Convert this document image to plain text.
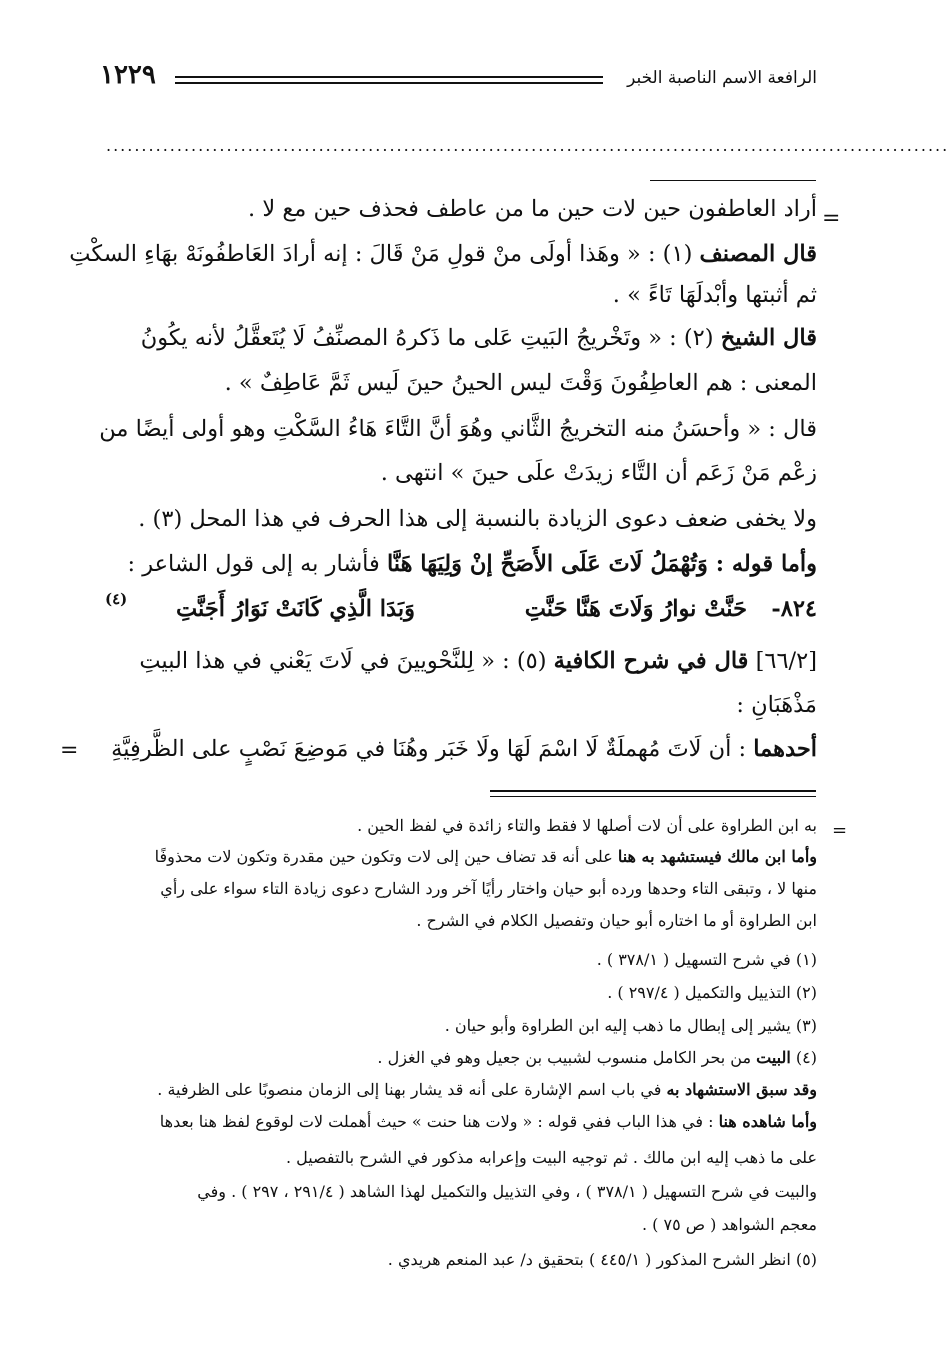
الرافعة الاسم الناصبة الخبر
١٢٢٩
.......................................................................................................................
=
أراد العاطفون حين لات حين ما من عاطف فحذف حين مع لا .
قال المصنف (١) : « وهَذا أولَى منْ قولِ مَنْ قَالَ : إنه أرادَ العَاطفُونَهْ بهَاءِ السكْتِ
ثم أثبتها وأبْدلَهَا تَاءً » .
قال الشيخ (٢) : « وتَخْريجُ البَيتِ عَلى ما ذَكرهُ المصنِّفُ لَا يُتَعقَّلُ لأنه يكُونُ
المعنى : هم العاطِفُونَ وَقْتَ ليس الحينُ حينَ لَيس ثَمَّ عَاطِفٌ » .
قال : « وأحسَنُ منه التخريجُ الثَّاني وهُوَ أنَّ التَّاءَ هَاءُ السَّكْتِ وهو أولى أيضًا من
زعْم مَنْ زَعَم أن التَّاء زيدَتْ علَى حينَ » انتهى .
ولا يخفى ضعف دعوى الزيادة بالنسبة إلى هذا الحرف في هذا المحل (٣) .
وأما قوله : وَتُهْمَلُ لَاتَ عَلَى الأَصَحِّ إنْ وَلِيَهَا هَنَّا فأشار به إلى قول الشاعر :
٨٢٤-
حَنَّتْ نوارُ وَلَاتَ هَنَّا حَنَّتِ
وَبَدَا الَّذِي كَانَتْ نَوَارُ أَجَنَّتِ
(٤)
[٦٦/٢] قال في شرح الكافية (٥) : « لِلنَّحْويينَ في لَاتَ يَعْني في هذا البيتِ
مَذْهَبَانِ :
أحدهما : أن لَاتَ مُهملَةٌ لَا اسْمَ لَهَا ولَا خَبَر وهُنَا في مَوضِعَ نَصْبٍ على الظَّرفِيَّةِ
=
=
به ابن الطراوة على أن لات أصلها لا فقط والتاء زائدة في لفظ الحين .
وأما ابن مالك فيستشهد به هنا على أنه قد تضاف حين إلى لات وتكون حين مقدرة وتكون لات محذوفًا
منها لا ، وتبقى التاء وحدها ورده أبو حيان واختار رأيًا آخر ورد الشارح دعوى زيادة التاء سواء على رأي
ابن الطراوة أو ما اختاره أبو حيان وتفصيل الكلام في الشرح .
(١) في شرح التسهيل ( ٣٧٨/١ ) .
(٢) التذييل والتكميل ( ٢٩٧/٤ ) .
(٣) يشير إلى إبطال ما ذهب إليه ابن الطراوة وأبو حيان .
(٤) البيت من بحر الكامل منسوب لشبيب بن جعيل وهو في الغزل .
وقد سبق الاستشهاد به في باب اسم الإشارة على أنه قد يشار بهنا إلى الزمان منصوبًا على الظرفية .
وأما شاهده هنا : في هذا الباب ففي قوله : « ولات هنا حنت » حيث أهملت لات لوقوع لفظ هنا بعدها
على ما ذهب إليه ابن مالك . ثم توجيه البيت وإعرابه مذكور في الشرح بالتفصيل .
والبيت في شرح التسهيل ( ٣٧٨/١ ) ، وفي التذييل والتكميل لهذا الشاهد ( ٢٩١/٤ ، ٢٩٧ ) . وفي
معجم الشواهد ( ص ٧٥ ) .
(٥) انظر الشرح المذكور ( ٤٤٥/١ ) بتحقيق د/ عبد المنعم هريدي .
